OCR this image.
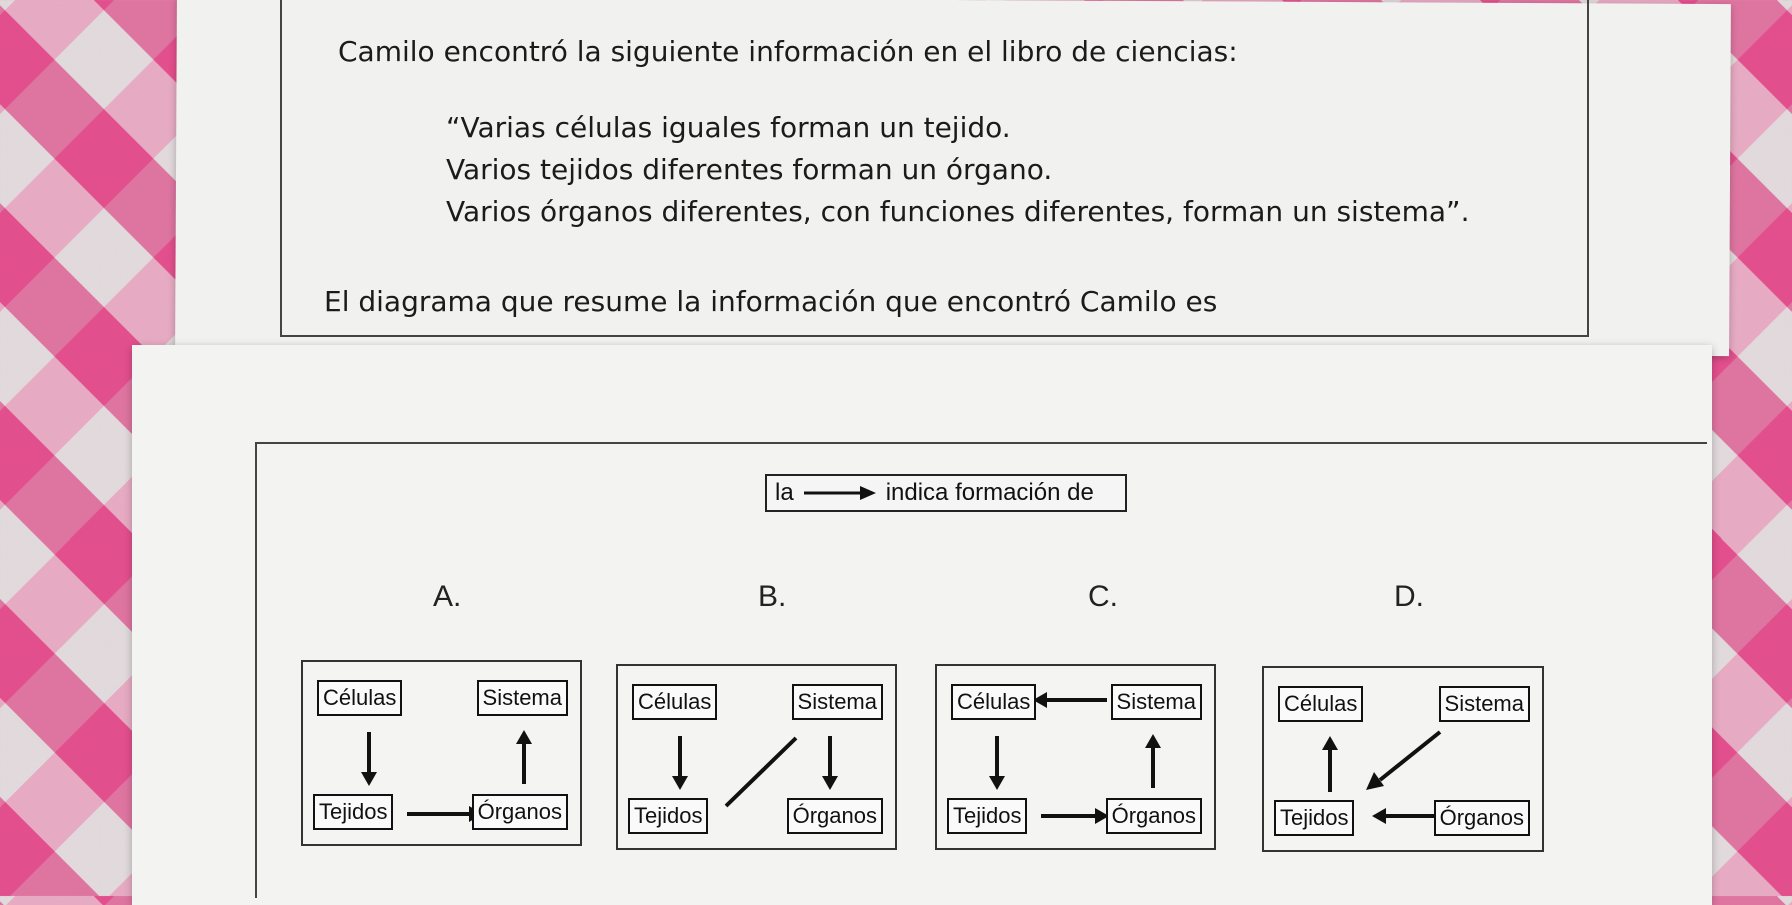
Camilo encontró la siguiente información en el libro de ciencias:
“Varias células iguales forman un tejido.
Varios tejidos diferentes forman un órgano.
Varios órganos diferentes, con funciones diferentes, forman un sistema”.
El diagrama que resume la información que encontró Camilo es
la	indica formación de
A.	B.	C.	D.
Células	Sistema
Tejidos	Órganos
Células	Sistema
Tejidos	Órganos
Células	Sistema
Tejidos	Órganos
Células	Sistema
Tejidos	Órganos
